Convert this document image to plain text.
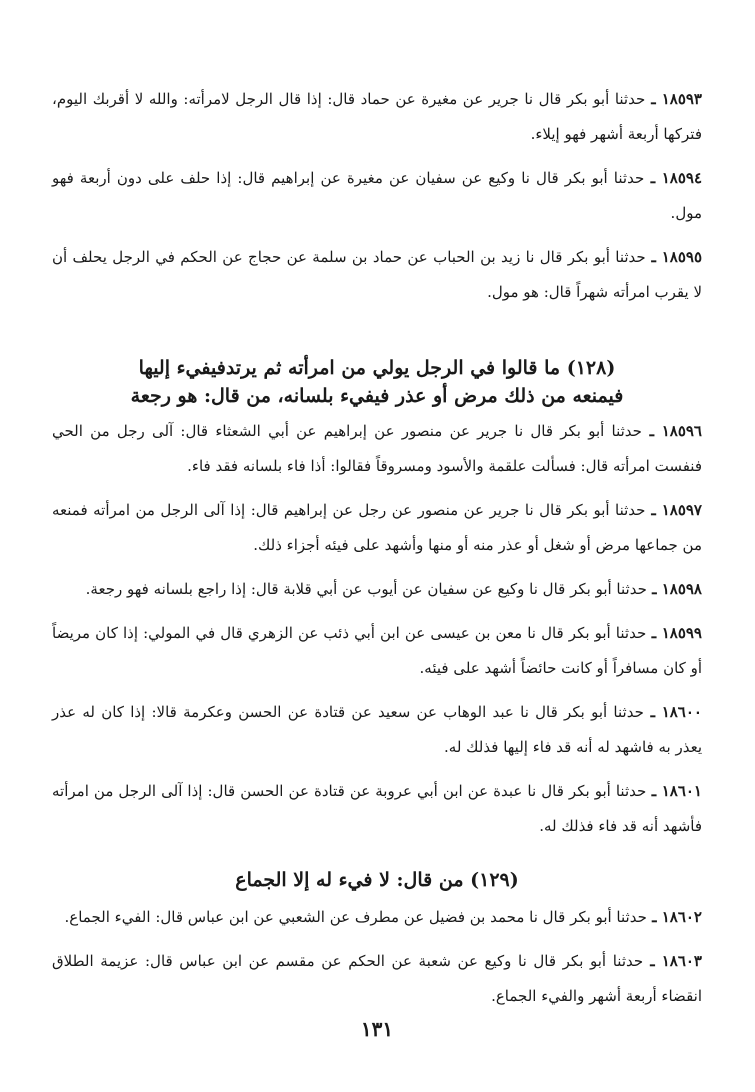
١٨٥٩٣ ـ حدثنا أبو بكر قال نا جرير عن مغيرة عن حماد قال: إذا قال الرجل لامرأته: والله لا أقربك اليوم، فتركها أربعة أشهر فهو إيلاء.

١٨٥٩٤ ـ حدثنا أبو بكر قال نا وكيع عن سفيان عن مغيرة عن إبراهيم قال: إذا حلف على دون أربعة فهو مول.

١٨٥٩٥ ـ حدثنا أبو بكر قال نا زيد بن الحباب عن حماد بن سلمة عن حجاج عن الحكم في الرجل يحلف أن لا يقرب امرأته شهراً قال: هو مول.

(١٢٨) ما قالوا في الرجل يولي من امرأته ثم يرتدفيفيء إليها

فيمنعه من ذلك مرض أو عذر فيفيء بلسانه، من قال: هو رجعة

١٨٥٩٦ ـ حدثنا أبو بكر قال نا جرير عن منصور عن إبراهيم عن أبي الشعثاء قال: آلى رجل من الحي فنفست امرأته قال: فسألت علقمة والأسود ومسروقاً فقالوا: أذا فاء بلسانه فقد فاء.

١٨٥٩٧ ـ حدثنا أبو بكر قال نا جرير عن منصور عن رجل عن إبراهيم قال: إذا آلى الرجل من امرأته فمنعه من جماعها مرض أو شغل أو عذر منه أو منها وأشهد على فيئه أجزاء ذلك.

١٨٥٩٨ ـ حدثنا أبو بكر قال نا وكيع عن سفيان عن أيوب عن أبي قلابة قال: إذا راجع بلسانه فهو رجعة.

١٨٥٩٩ ـ حدثنا أبو بكر قال نا معن بن عيسى عن ابن أبي ذئب عن الزهري قال في المولي: إذا كان مريضاً أو كان مسافراً أو كانت حائضاً أشهد على فيئه.

١٨٦٠٠ ـ حدثنا أبو بكر قال نا عبد الوهاب عن سعيد عن قتادة عن الحسن وعكرمة قالا: إذا كان له عذر يعذر به فاشهد له أنه قد فاء إليها فذلك له.

١٨٦٠١ ـ حدثنا أبو بكر قال نا عبدة عن ابن أبي عروبة عن قتادة عن الحسن قال: إذا آلى الرجل من امرأته فأشهد أنه قد فاء فذلك له.

(١٢٩) من قال: لا فيء له إلا الجماع

١٨٦٠٢ ـ حدثنا أبو بكر قال نا محمد بن فضيل عن مطرف عن الشعبي عن ابن عباس قال: الفيء الجماع.

١٨٦٠٣ ـ حدثنا أبو بكر قال نا وكيع عن شعبة عن الحكم عن مقسم عن ابن عباس قال: عزيمة الطلاق انقضاء أربعة أشهر والفيء الجماع.

١٣١
